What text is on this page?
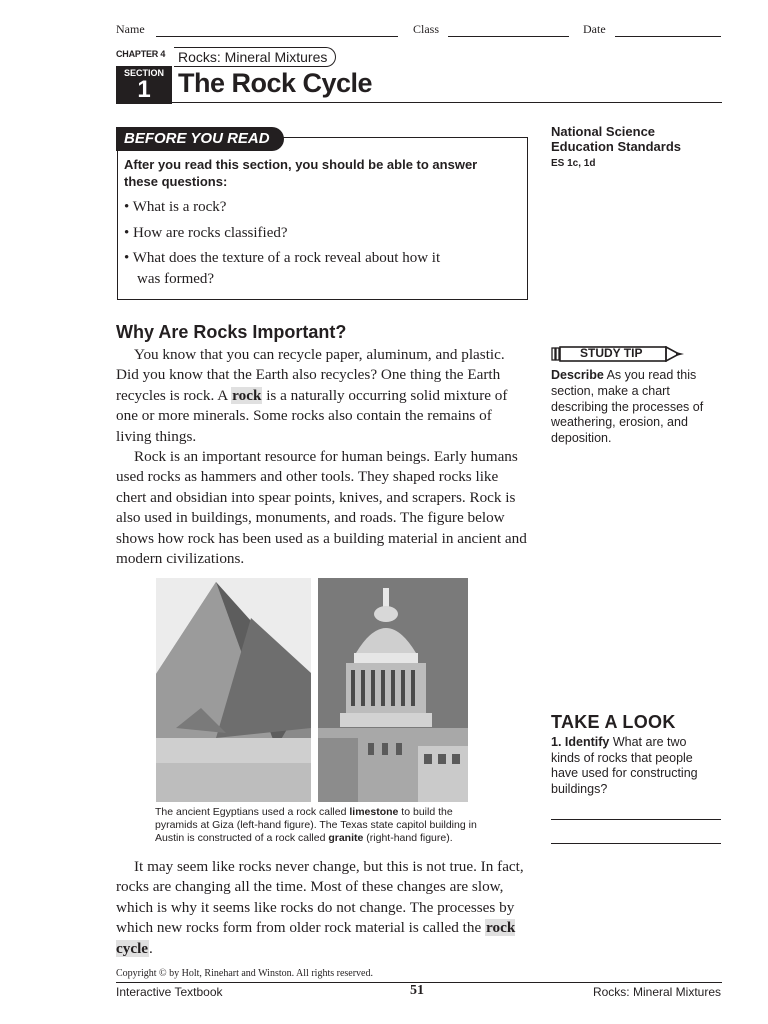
Name	Class	Date
CHAPTER 4 Rocks: Mineral Mixtures
SECTION
1	The Rock Cycle
BEFORE YOU READ
After you read this section, you should be able to answer these questions:
• What is a rock?
• How are rocks classified?
• What does the texture of a rock reveal about how it
was formed?
National Science Education Standards
ES 1c, 1d
Why Are Rocks Important?

You know that you can recycle paper, aluminum, and plastic. Did you know that the Earth also recycles? One thing the Earth recycles is rock. A rock is a naturally occurring solid mixture of one or more minerals. Some rocks also contain the remains of living things.

Rock is an important resource for human beings. Early humans used rocks as hammers and other tools. They shaped rocks like chert and obsidian into spear points, knives, and scrapers. Rock is also used in buildings, monuments, and roads. The figure below shows how rock has been used as a building material in ancient and modern civilizations.

STUDY TIP
Describe As you read this section, make a chart describing the processes of weathering, erosion, and deposition.
The ancient Egyptians used a rock called limestone to build the pyramids at Giza (left-hand figure). The Texas state capitol building in Austin is constructed of a rock called granite (right-hand figure).
TAKE A LOOK
1. Identify What are two kinds of rocks that people have used for constructing buildings?

It may seem like rocks never change, but this is not true. In fact, rocks are changing all the time. Most of these changes are slow, which is why it seems like rocks do not change. The processes by which new rocks form from older rock material is called the rock cycle.

Copyright © by Holt, Rinehart and Winston. All rights reserved.
Interactive Textbook	51	Rocks: Mineral Mixtures
